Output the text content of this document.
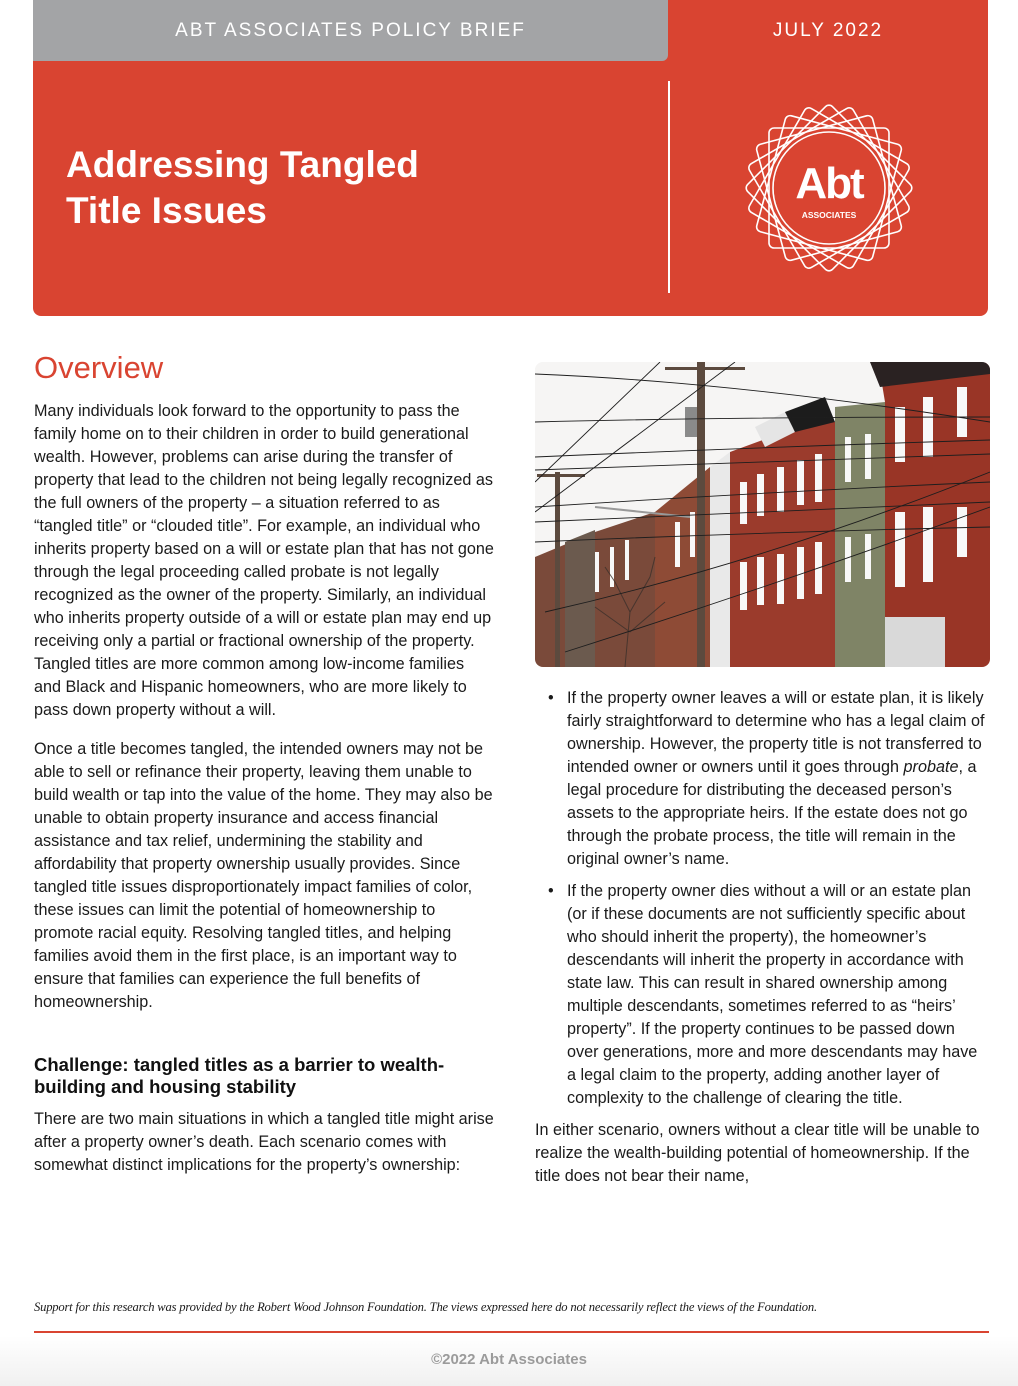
ABT ASSOCIATES POLICY BRIEF	JULY 2022
Addressing Tangled
Title Issues
Abt
ASSOCIATES
Overview

Many individuals look forward to the opportunity to pass the family home on to their children in order to build generational wealth. However, problems can arise during the transfer of property that lead to the children not being legally recognized as the full owners of the property – a situation referred to as “tangled title” or “clouded title”. For example, an individual who inherits property based on a will or estate plan that has not gone through the legal proceeding called probate is not legally recognized as the owner of the property. Similarly, an individual who inherits property outside of a will or estate plan may end up receiving only a partial or fractional ownership of the property. Tangled titles are more common among low-income families and Black and Hispanic homeowners, who are more likely to pass down property without a will.

Once a title becomes tangled, the intended owners may not be able to sell or refinance their property, leaving them unable to build wealth or tap into the value of the home. They may also be unable to obtain property insurance and access financial assistance and tax relief, undermining the stability and affordability that property ownership usually provides. Since tangled title issues disproportionately impact families of color, these issues can limit the potential of homeownership to promote racial equity. Resolving tangled titles, and helping families avoid them in the first place, is an important way to ensure that families can experience the full benefits of homeownership.

Challenge: tangled titles as a barrier to wealth-building and housing stability

There are two main situations in which a tangled title might arise after a property owner’s death. Each scenario comes with somewhat distinct implications for the property’s ownership:

• If the property owner leaves a will or estate plan, it is likely fairly straightforward to determine who has a legal claim of ownership. However, the property title is not transferred to intended owner or owners until it goes through probate, a legal procedure for distributing the deceased person’s assets to the appropriate heirs. If the estate does not go through the probate process, the title will remain in the original owner’s name.
• If the property owner dies without a will or an estate plan (or if these documents are not sufficiently specific about who should inherit the property), the homeowner’s descendants will inherit the property in accordance with state law. This can result in shared ownership among multiple descendants, sometimes referred to as “heirs’ property”. If the property continues to be passed down over generations, more and more descendants may have a legal claim to the property, adding another layer of complexity to the challenge of clearing the title.

In either scenario, owners without a clear title will be unable to realize the wealth-building potential of homeownership. If the title does not bear their name,

Support for this research was provided by the Robert Wood Johnson Foundation. The views expressed here do not necessarily reflect the views of the Foundation.
©2022 Abt Associates
